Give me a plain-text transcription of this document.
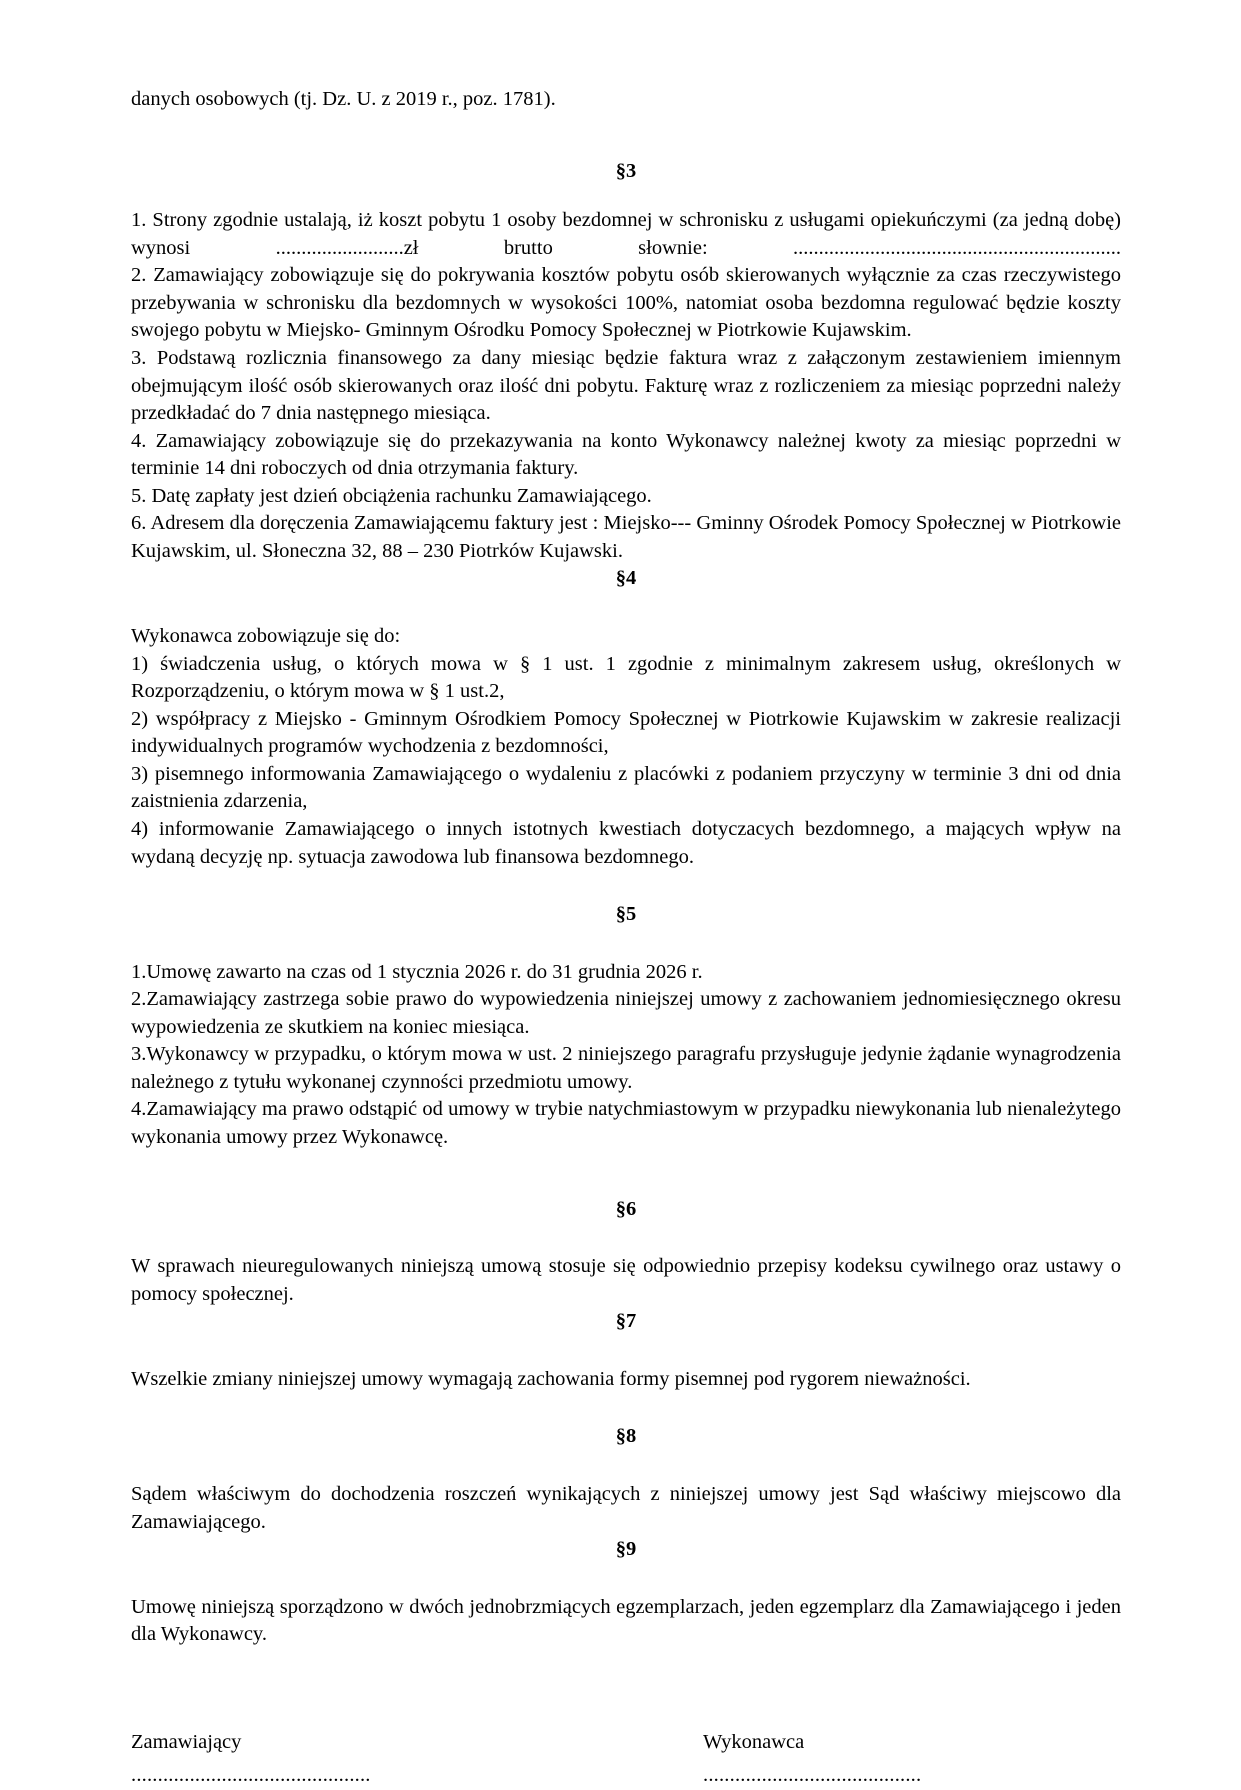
danych osobowych (tj. Dz. U. z 2019 r., poz. 1781).

§3

1. Strony zgodnie ustalają, iż koszt pobytu 1 osoby bezdomnej w schronisku z usługami opiekuńczymi (za jedną dobę) wynosi .........................zł brutto słownie: ................................................................

2. Zamawiający zobowiązuje się do pokrywania kosztów pobytu osób skierowanych wyłącznie za czas rzeczywistego przebywania w schronisku dla bezdomnych w wysokości 100%, natomiat osoba bezdomna regulować będzie koszty swojego pobytu w Miejsko- Gminnym Ośrodku Pomocy Społecznej w Piotrkowie Kujawskim.

3. Podstawą rozlicznia finansowego za dany miesiąc będzie faktura wraz z załączonym zestawieniem imiennym obejmującym ilość osób skierowanych oraz ilość dni pobytu. Fakturę wraz z rozliczeniem za miesiąc poprzedni należy przedkładać do 7 dnia następnego miesiąca.

4. Zamawiający zobowiązuje się do przekazywania na konto Wykonawcy należnej kwoty za miesiąc poprzedni w terminie 14 dni roboczych od dnia otrzymania faktury.

5. Datę zapłaty jest dzień obciążenia rachunku Zamawiającego.

6. Adresem dla doręczenia Zamawiającemu faktury jest : Miejsko--- Gminny Ośrodek Pomocy Społecznej w Piotrkowie Kujawskim, ul. Słoneczna 32, 88 – 230 Piotrków Kujawski.

§4

Wykonawca zobowiązuje się do:

1) świadczenia usług, o których mowa w § 1 ust. 1 zgodnie z minimalnym zakresem usług, określonych w Rozporządzeniu, o którym mowa w § 1 ust.2,

2) współpracy z Miejsko - Gminnym Ośrodkiem Pomocy Społecznej w Piotrkowie Kujawskim w zakresie realizacji indywidualnych programów wychodzenia z bezdomności,

3) pisemnego informowania Zamawiającego o wydaleniu z placówki z podaniem przyczyny w terminie 3 dni od dnia zaistnienia zdarzenia,

4) informowanie Zamawiającego o innych istotnych kwestiach dotyczacych bezdomnego, a mających wpływ na wydaną decyzję np. sytuacja zawodowa lub finansowa bezdomnego.

§5

1.Umowę zawarto na czas od 1 stycznia 2026 r. do 31 grudnia 2026 r.

2.Zamawiający zastrzega sobie prawo do wypowiedzenia niniejszej umowy z zachowaniem jednomiesięcznego okresu wypowiedzenia ze skutkiem na koniec miesiąca.

3.Wykonawcy w przypadku, o którym mowa w ust. 2 niniejszego paragrafu przysługuje jedynie żądanie wynagrodzenia należnego z tytułu wykonanej czynności przedmiotu umowy.

4.Zamawiający ma prawo odstąpić od umowy w trybie natychmiastowym w przypadku niewykonania lub nienależytego wykonania umowy przez Wykonawcę.

§6

W sprawach nieuregulowanych niniejszą umową stosuje się odpowiednio przepisy kodeksu cywilnego oraz ustawy o pomocy społecznej.

§7

Wszelkie zmiany niniejszej umowy wymagają zachowania formy pisemnej pod rygorem nieważności.

§8

Sądem właściwym do dochodzenia roszczeń wynikających z niniejszej umowy jest Sąd właściwy miejscowo dla Zamawiającego.

§9

Umowę niniejszą sporządzono w dwóch jednobrzmiących egzemplarzach, jeden egzemplarz dla Zamawiającego i jeden dla Wykonawcy.

Zamawiający	Wykonawca
.............................................	.........................................
